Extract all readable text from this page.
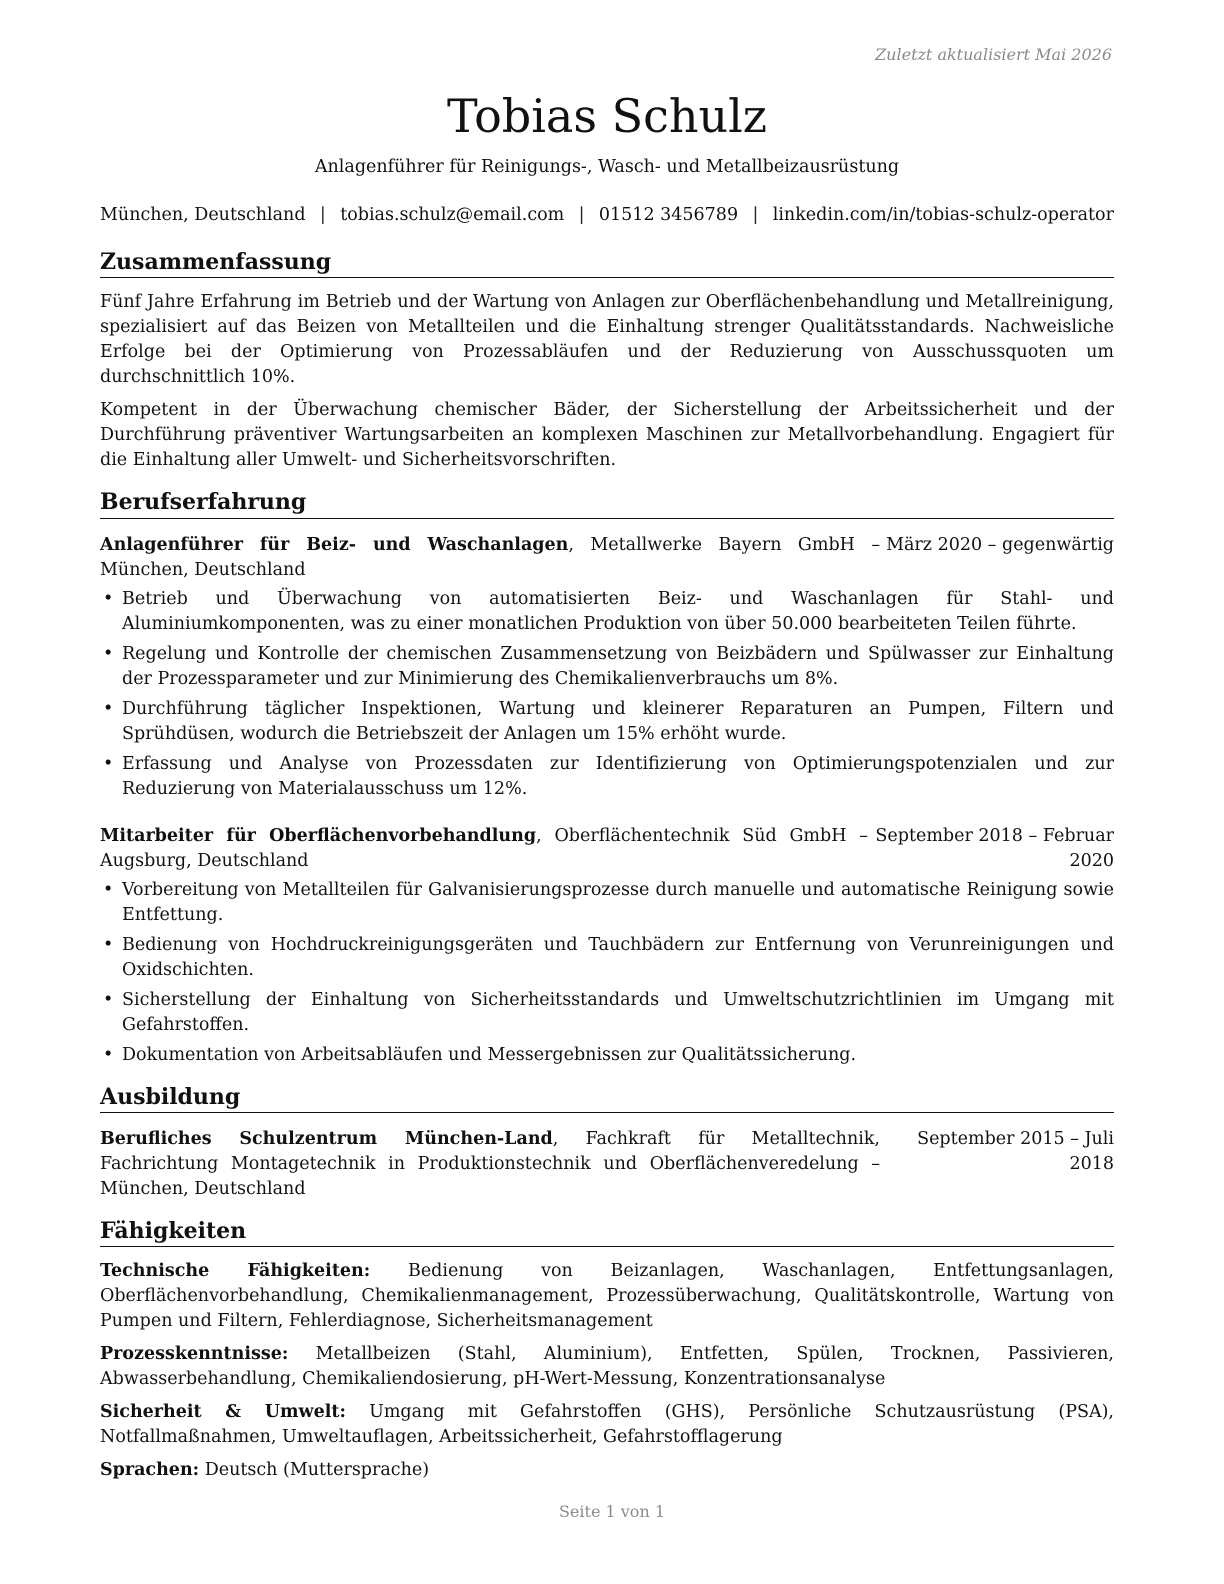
Zuletzt aktualisiert Mai 2026
Tobias Schulz
Anlagenführer für Reinigungs-, Wasch- und Metallbeizausrüstung
München, Deutschland | tobias.schulz@email.com | 01512 3456789 | linkedin.com/in/tobias-schulz-operator
Zusammenfassung

Fünf Jahre Erfahrung im Betrieb und der Wartung von Anlagen zur Oberflächenbehandlung und Metallreinigung, spezialisiert auf das Beizen von Metallteilen und die Einhaltung strenger Qualitätsstandards. Nachweisliche Erfolge bei der Optimierung von Prozessabläufen und der Reduzierung von Ausschussquoten um durchschnittlich 10%.

Kompetent in der Überwachung chemischer Bäder, der Sicherstellung der Arbeitssicherheit und der Durchführung präventiver Wartungsarbeiten an komplexen Maschinen zur Metallvorbehandlung. Engagiert für die Einhaltung aller Umwelt- und Sicherheitsvorschriften.

Berufserfahrung
Anlagenführer für Beiz- und Waschanlagen, Metallwerke Bayern GmbH – München, Deutschland
März 2020 – gegenwärtig
• Betrieb und Überwachung von automatisierten Beiz- und Waschanlagen für Stahl- und Aluminiumkomponenten, was zu einer monatlichen Produktion von über 50.000 bearbeiteten Teilen führte.
• Regelung und Kontrolle der chemischen Zusammensetzung von Beizbädern und Spülwasser zur Einhaltung der Prozessparameter und zur Minimierung des Chemikalienverbrauchs um 8%.
• Durchführung täglicher Inspektionen, Wartung und kleinerer Reparaturen an Pumpen, Filtern und Sprühdüsen, wodurch die Betriebszeit der Anlagen um 15% erhöht wurde.
• Erfassung und Analyse von Prozessdaten zur Identifizierung von Optimierungspotenzialen und zur Reduzierung von Materialausschuss um 12%.
Mitarbeiter für Oberflächenvorbehandlung, Oberflächentechnik Süd GmbH – Augsburg, Deutschland
September 2018 – Februar 2020
• Vorbereitung von Metallteilen für Galvanisierungsprozesse durch manuelle und automatische Reinigung sowie Entfettung.
• Bedienung von Hochdruckreinigungsgeräten und Tauchbädern zur Entfernung von Verunreinigungen und Oxidschichten.
• Sicherstellung der Einhaltung von Sicherheitsstandards und Umweltschutzrichtlinien im Umgang mit Gefahrstoffen.
• Dokumentation von Arbeitsabläufen und Messergebnissen zur Qualitätssicherung.
Ausbildung
Berufliches Schulzentrum München-Land, Fachkraft für Metalltechnik, Fachrichtung Montagetechnik in Produktionstechnik und Oberflächenveredelung – München, Deutschland
September 2015 – Juli 2018
Fähigkeiten

Technische Fähigkeiten: Bedienung von Beizanlagen, Waschanlagen, Entfettungsanlagen, Oberflächenvorbehandlung, Chemikalienmanagement, Prozessüberwachung, Qualitätskontrolle, Wartung von Pumpen und Filtern, Fehlerdiagnose, Sicherheitsmanagement

Prozesskenntnisse: Metallbeizen (Stahl, Aluminium), Entfetten, Spülen, Trocknen, Passivieren, Abwasserbehandlung, Chemikaliendosierung, pH-Wert-Messung, Konzentrationsanalyse

Sicherheit & Umwelt: Umgang mit Gefahrstoffen (GHS), Persönliche Schutzausrüstung (PSA), Notfallmaßnahmen, Umweltauflagen, Arbeitssicherheit, Gefahrstofflagerung

Sprachen: Deutsch (Muttersprache)

Seite 1 von 1
